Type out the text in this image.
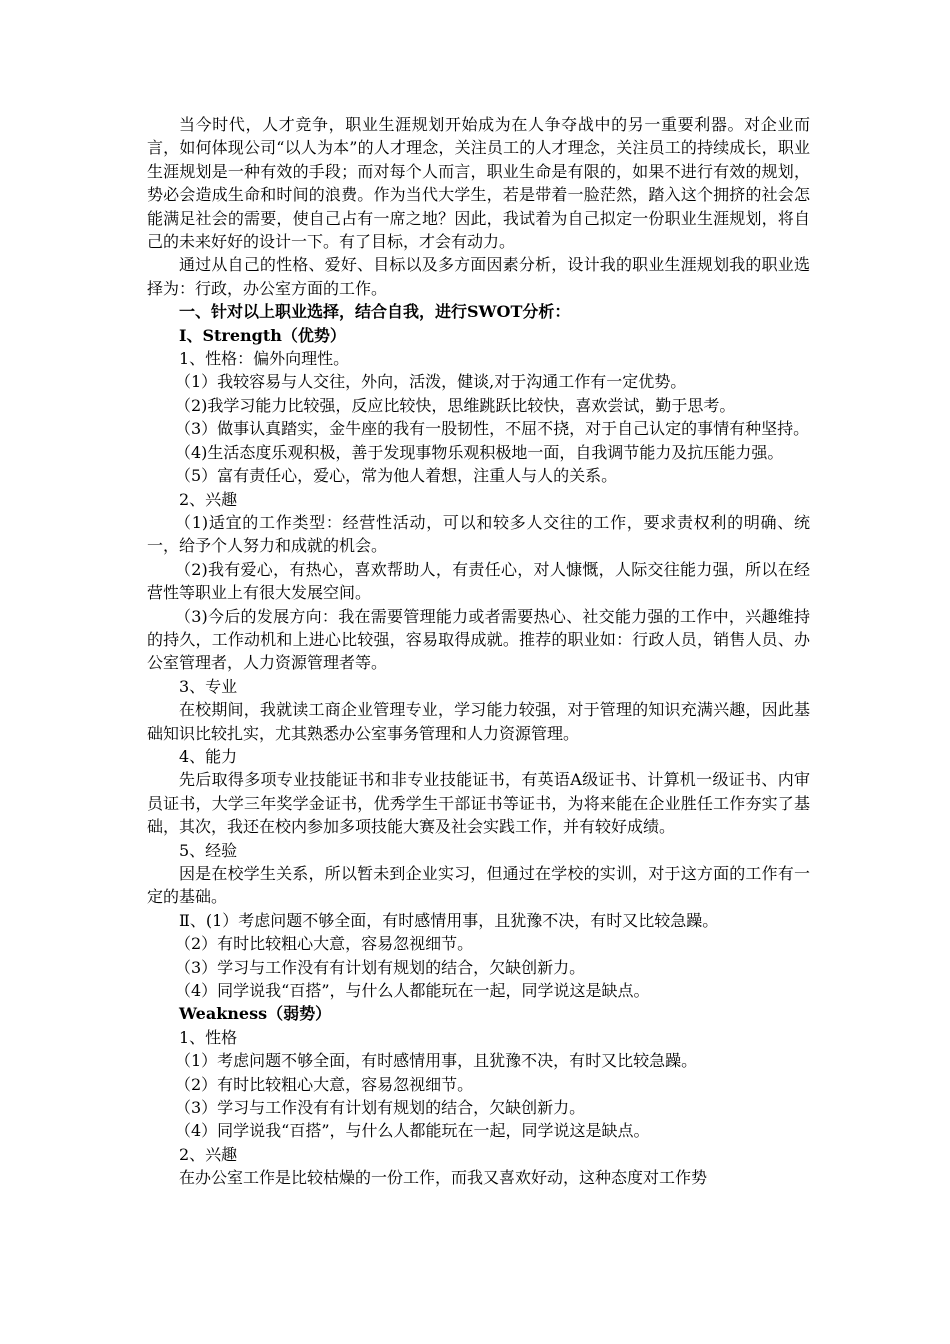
当今时代，人才竞争，职业生涯规划开始成为在人争夺战中的另一重要利器。对企业而言，如何体现公司“以人为本”的人才理念，关注员工的人才理念，关注员工的持续成长，职业生涯规划是一种有效的手段；而对每个人而言，职业生命是有限的，如果不进行有效的规划，势必会造成生命和时间的浪费。作为当代大学生，若是带着一脸茫然，踏入这个拥挤的社会怎能满足社会的需要，使自己占有一席之地？因此，我试着为自己拟定一份职业生涯规划，将自己的未来好好的设计一下。有了目标，才会有动力。

通过从自己的性格、爱好、目标以及多方面因素分析，设计我的职业生涯规划我的职业选择为：行政，办公室方面的工作。

一、针对以上职业选择，结合自我，进行SWOT分析：

Ⅰ、Strength（优势）

1、性格：偏外向理性。

（1）我较容易与人交往，外向，活泼，健谈,对于沟通工作有一定优势。

（2)我学习能力比较强，反应比较快，思维跳跃比较快，喜欢尝试，勤于思考。

（3）做事认真踏实，金牛座的我有一股韧性，不屈不挠，对于自己认定的事情有种坚持。

（4)生活态度乐观积极，善于发现事物乐观积极地一面，自我调节能力及抗压能力强。

（5）富有责任心，爱心，常为他人着想，注重人与人的关系。

2、兴趣

（1)适宜的工作类型：经营性活动，可以和较多人交往的工作，要求责权利的明确、统一，给予个人努力和成就的机会。

（2)我有爱心，有热心，喜欢帮助人，有责任心，对人慷慨，人际交往能力强，所以在经营性等职业上有很大发展空间。

（3)今后的发展方向：我在需要管理能力或者需要热心、社交能力强的工作中，兴趣维持的持久，工作动机和上进心比较强，容易取得成就。推荐的职业如：行政人员，销售人员、办公室管理者，人力资源管理者等。

3、专业

在校期间，我就读工商企业管理专业，学习能力较强，对于管理的知识充满兴趣，因此基础知识比较扎实，尤其熟悉办公室事务管理和人力资源管理。

4、能力

先后取得多项专业技能证书和非专业技能证书，有英语A级证书、计算机一级证书、内审员证书，大学三年奖学金证书，优秀学生干部证书等证书，为将来能在企业胜任工作夯实了基础，其次，我还在校内参加多项技能大赛及社会实践工作，并有较好成绩。

5、经验

因是在校学生关系，所以暂未到企业实习，但通过在学校的实训，对于这方面的工作有一定的基础。

Ⅱ、(1）考虑问题不够全面，有时感情用事，且犹豫不决，有时又比较急躁。

（2）有时比较粗心大意，容易忽视细节。

（3）学习与工作没有有计划有规划的结合，欠缺创新力。

（4）同学说我“百搭”，与什么人都能玩在一起，同学说这是缺点。

Weakness（弱势）

1、性格

（1）考虑问题不够全面，有时感情用事，且犹豫不决，有时又比较急躁。

（2）有时比较粗心大意，容易忽视细节。

（3）学习与工作没有有计划有规划的结合，欠缺创新力。

（4）同学说我“百搭”，与什么人都能玩在一起，同学说这是缺点。

2、兴趣

在办公室工作是比较枯燥的一份工作，而我又喜欢好动，这种态度对工作势
